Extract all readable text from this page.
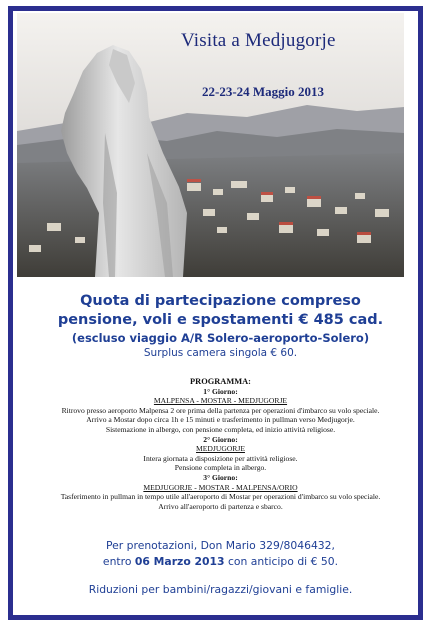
Visita a Medjugorje
22-23-24 Maggio 2013
Quota di partecipazione compreso
pensione, voli e spostamenti € 485 cad.
(escluso viaggio A/R Solero-aeroporto-Solero)
Surplus camera singola € 60.
PROGRAMMA:
1° Giorno:
MALPENSA - MOSTAR - MEDJUGORJE
Ritrovo presso aeroporto Malpensa 2 ore prima della partenza per operazioni d'imbarco su volo speciale.
Arrivo a Mostar dopo circa 1h e 15 minuti e trasferimento in pullman verso Medjugorje.
Sistemazione in albergo, con pensione completa, ed inizio attività religiose.
2° Giorno:
MEDJUGORJE
Intera giornata a disposizione per attività religiose.
Pensione completa in albergo.
3° Giorno:
MEDJUGORJE - MOSTAR - MALPENSA/ORIO
Tasferimento in pullman in tempo utile all'aeroporto di Mostar per operazioni d'imbarco su volo speciale.
Arrivo all'aeroporto di partenza e sbarco.
Per prenotazioni, Don Mario 329/8046432,
entro 06 Marzo 2013 con anticipo di € 50.
Riduzioni per bambini/ragazzi/giovani e famiglie.
